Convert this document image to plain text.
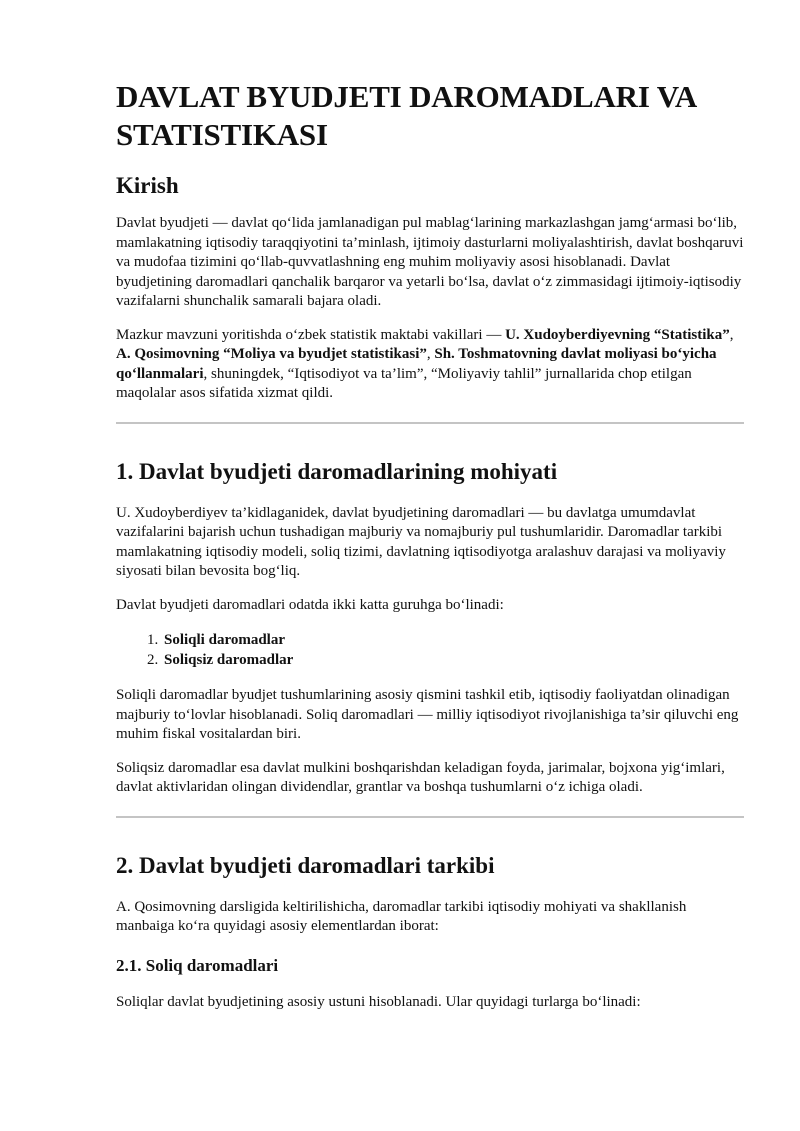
DAVLAT BYUDJETI DAROMADLARI VA STATISTIKASI
Kirish

Davlat byudjeti — davlat qo‘lida jamlanadigan pul mablag‘larining markazlashgan jamg‘armasi bo‘lib, mamlakatning iqtisodiy taraqqiyotini ta’minlash, ijtimoiy dasturlarni moliyalashtirish, davlat boshqaruvi va mudofaa tizimini qo‘llab-quvvatlashning eng muhim moliyaviy asosi hisoblanadi. Davlat byudjetining daromadlari qanchalik barqaror va yetarli bo‘lsa, davlat o‘z zimmasidagi ijtimoiy-iqtisodiy vazifalarni shunchalik samarali bajara oladi.

Mazkur mavzuni yoritishda o‘zbek statistik maktabi vakillari — U. Xudoyberdiyevning “Statistika”, A. Qosimovning “Moliya va byudjet statistikasi”, Sh. Toshmatovning davlat moliyasi bo‘yicha qo‘llanmalari, shuningdek, “Iqtisodiyot va ta’lim”, “Moliyaviy tahlil” jurnallarida chop etilgan maqolalar asos sifatida xizmat qildi.

1. Davlat byudjeti daromadlarining mohiyati

U. Xudoyberdiyev ta’kidlaganidek, davlat byudjetining daromadlari — bu davlatga umumdavlat vazifalarini bajarish uchun tushadigan majburiy va nomajburiy pul tushumlaridir. Daromadlar tarkibi mamlakatning iqtisodiy modeli, soliq tizimi, davlatning iqtisodiyotga aralashuv darajasi va moliyaviy siyosati bilan bevosita bog‘liq.

Davlat byudjeti daromadlari odatda ikki katta guruhga bo‘linadi:

1. Soliqli daromadlar
2. Soliqsiz daromadlar

Soliqli daromadlar byudjet tushumlarining asosiy qismini tashkil etib, iqtisodiy faoliyatdan olinadigan majburiy to‘lovlar hisoblanadi. Soliq daromadlari — milliy iqtisodiyot rivojlanishiga ta’sir qiluvchi eng muhim fiskal vositalardan biri.

Soliqsiz daromadlar esa davlat mulkini boshqarishdan keladigan foyda, jarimalar, bojxona yig‘imlari, davlat aktivlaridan olingan dividendlar, grantlar va boshqa tushumlarni o‘z ichiga oladi.

2. Davlat byudjeti daromadlari tarkibi

A. Qosimovning darsligida keltirilishicha, daromadlar tarkibi iqtisodiy mohiyati va shakllanish manbaiga ko‘ra quyidagi asosiy elementlardan iborat:

2.1. Soliq daromadlari

Soliqlar davlat byudjetining asosiy ustuni hisoblanadi. Ular quyidagi turlarga bo‘linadi:
